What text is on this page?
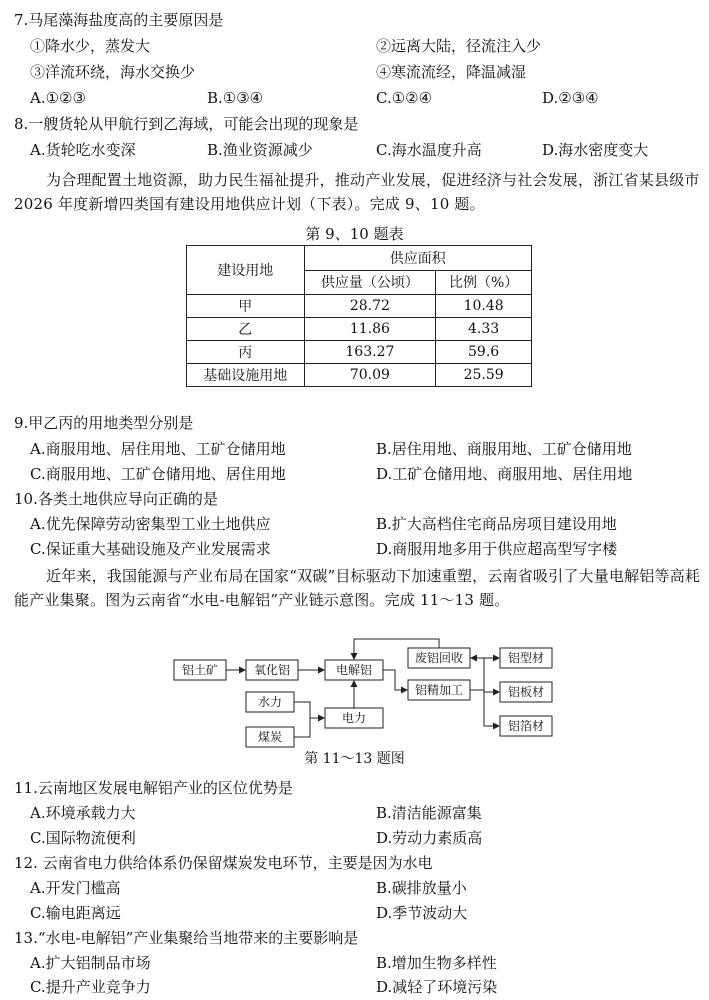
7.马尾藻海盐度高的主要原因是
①降水少，蒸发大	②远离大陆，径流注入少
③洋流环绕，海水交换少	④寒流流经，降温减湿
A.①②③	B.①③④	C.①②④	D.②③④
8.一艘货轮从甲航行到乙海域，可能会出现的现象是
A.货轮吃水变深	B.渔业资源减少	C.海水温度升高	D.海水密度变大
为合理配置土地资源，助力民生福祉提升，推动产业发展，促进经济与社会发展，浙江省某县级市 2026 年度新增四类国有建设用地供应计划（下表）。完成 9、10 题。
第 9、10 题表
建设用地	供应面积	
	供应量（公顷）	比例（%）
甲	28.72	10.48
乙	11.86	4.33
丙	163.27	59.6
基础设施用地	70.09	25.59
9.甲乙丙的用地类型分别是
A.商服用地、居住用地、工矿仓储用地	B.居住用地、商服用地、工矿仓储用地
C.商服用地、工矿仓储用地、居住用地	D.工矿仓储用地、商服用地、居住用地
10.各类土地供应导向正确的是
A.优先保障劳动密集型工业土地供应	B.扩大高档住宅商品房项目建设用地
C.保证重大基础设施及产业发展需求	D.商服用地多用于供应超高型写字楼
近年来，我国能源与产业布局在国家“双碳”目标驱动下加速重塑，云南省吸引了大量电解铝等高耗能产业集聚。图为云南省“水电-电解铝”产业链示意图。完成 11～13 题。
铝土矿	氧化铝	电解铝
废铝回收
铝精加工
铝型材
铝板材
铝箔材
水力
煤炭
电力
第 11～13 题图
11.云南地区发展电解铝产业的区位优势是
A.环境承载力大	B.清洁能源富集
C.国际物流便利	D.劳动力素质高
12. 云南省电力供给体系仍保留煤炭发电环节，主要是因为水电
A.开发门槛高	B.碳排放量小
C.输电距离远	D.季节波动大
13.“水电-电解铝”产业集聚给当地带来的主要影响是
A.扩大铝制品市场	B.增加生物多样性
C.提升产业竞争力	D.减轻了环境污染
